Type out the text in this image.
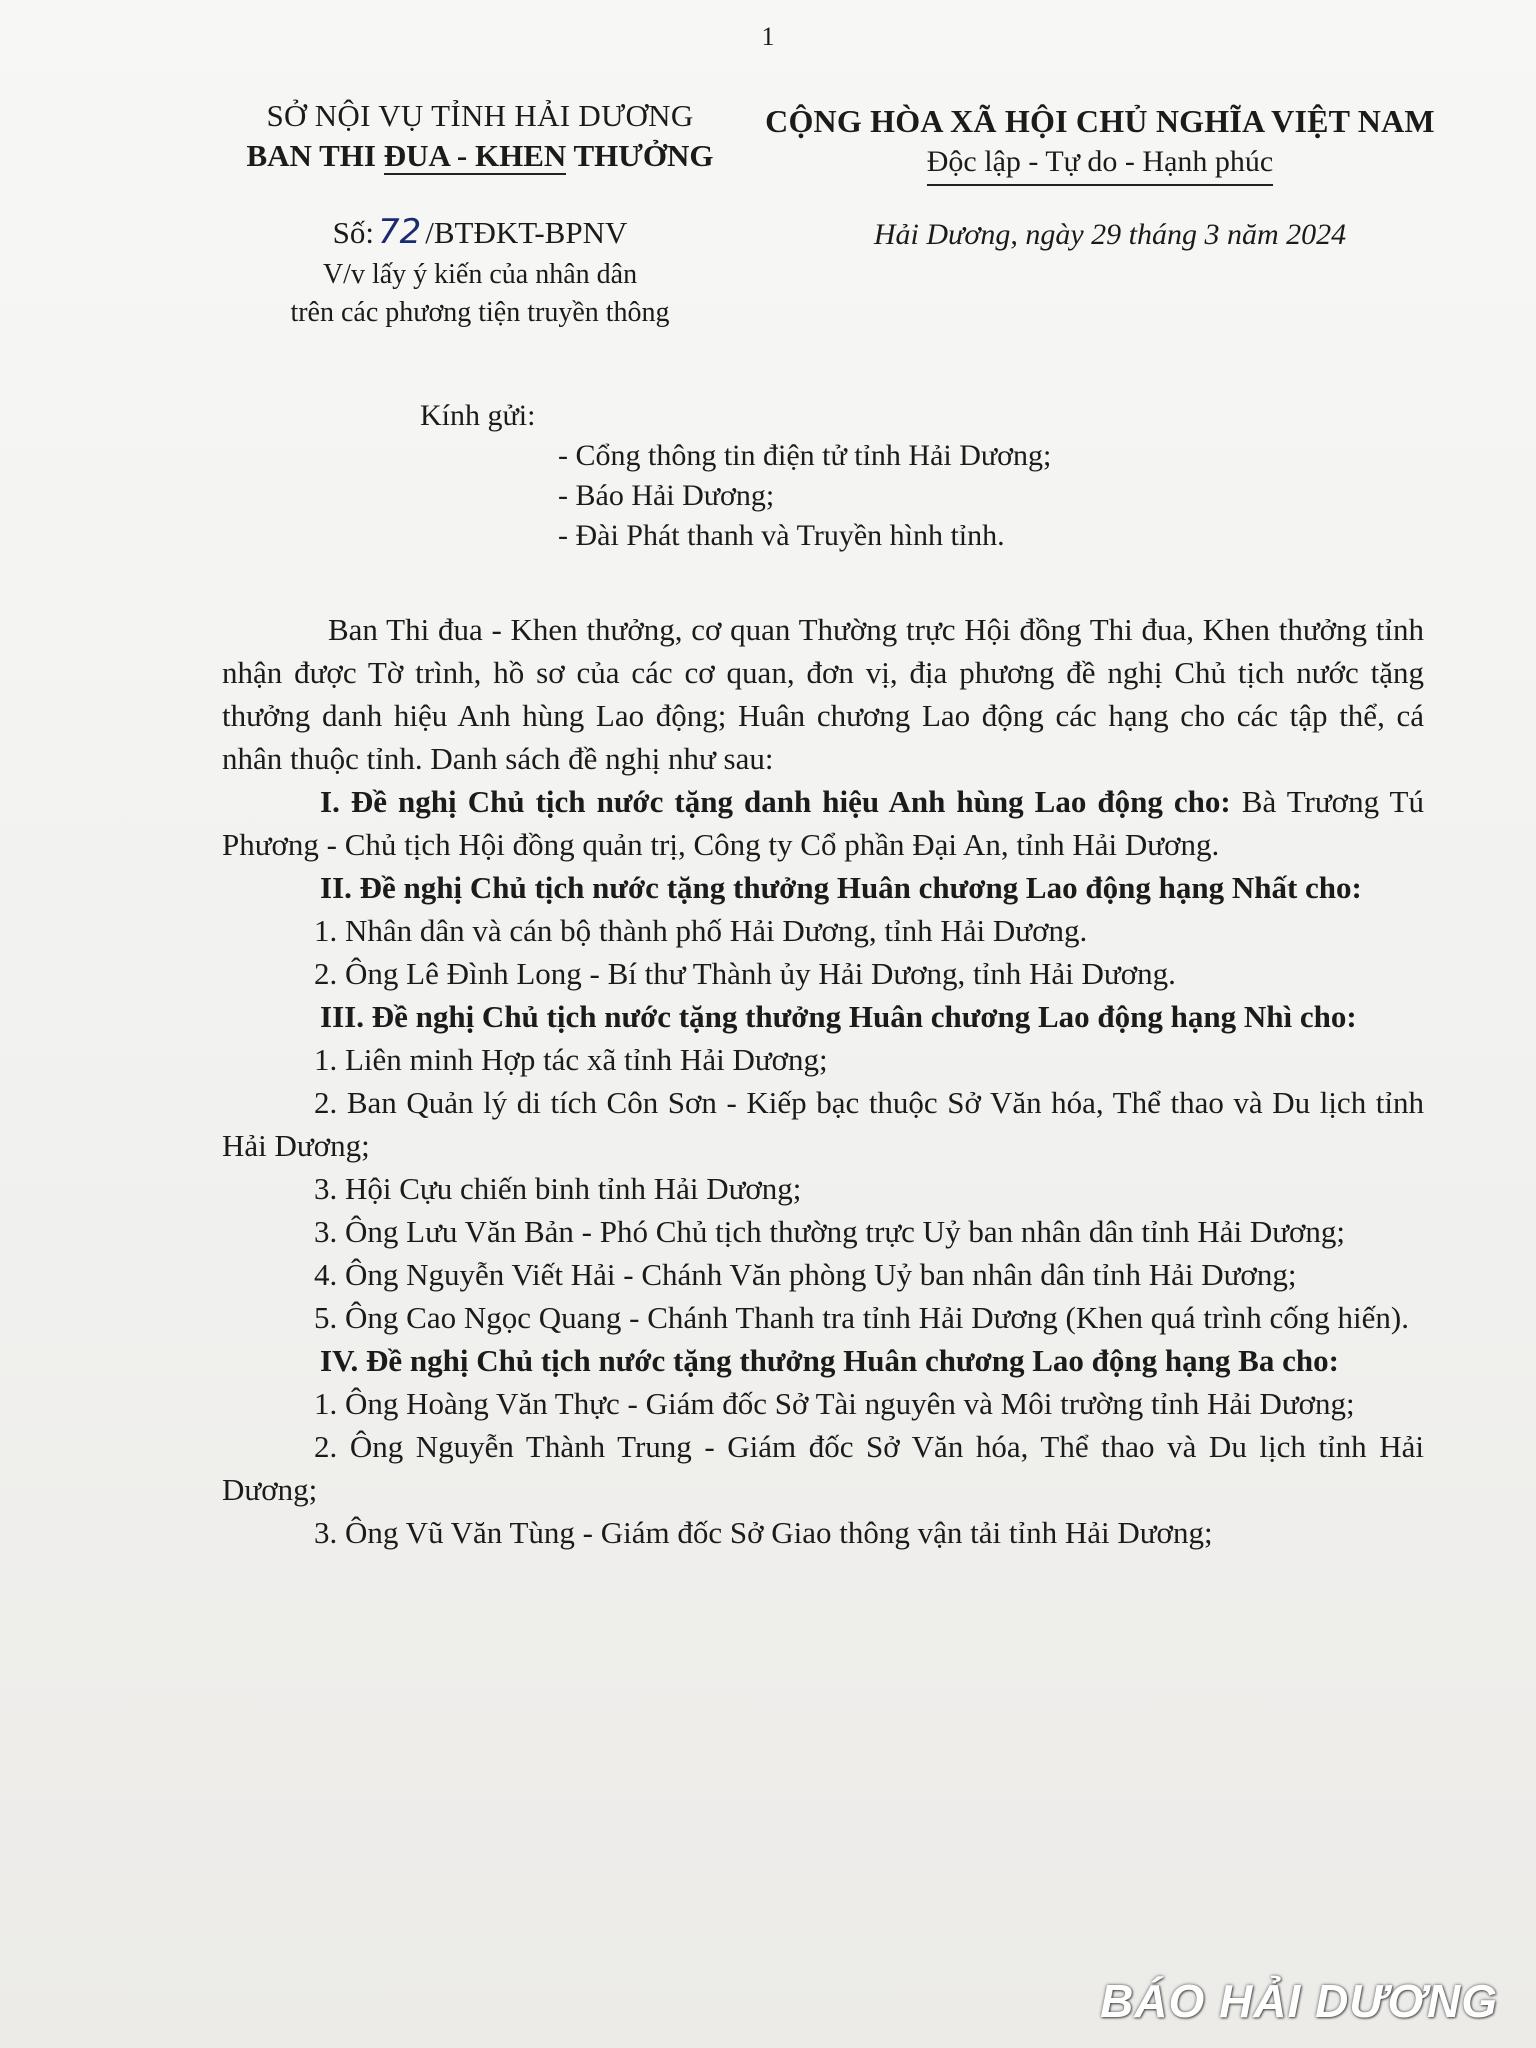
1
SỞ NỘI VỤ TỈNH HẢI DƯƠNG
BAN THI ĐUA - KHEN THƯỞNG
CỘNG HÒA XÃ HỘI CHỦ NGHĨA VIỆT NAM
Độc lập - Tự do - Hạnh phúc
Số: 72 /BTĐKT-BPNV
V/v lấy ý kiến của nhân dân
trên các phương tiện truyền thông
Hải Dương, ngày 29 tháng 3 năm 2024
Kính gửi:
- Cổng thông tin điện tử tỉnh Hải Dương;
- Báo Hải Dương;
- Đài Phát thanh và Truyền hình tỉnh.

Ban Thi đua - Khen thưởng, cơ quan Thường trực Hội đồng Thi đua, Khen thưởng tỉnh nhận được Tờ trình, hồ sơ của các cơ quan, đơn vị, địa phương đề nghị Chủ tịch nước tặng thưởng danh hiệu Anh hùng Lao động; Huân chương Lao động các hạng cho các tập thể, cá nhân thuộc tỉnh. Danh sách đề nghị như sau:

I. Đề nghị Chủ tịch nước tặng danh hiệu Anh hùng Lao động cho: Bà Trương Tú Phương - Chủ tịch Hội đồng quản trị, Công ty Cổ phần Đại An, tỉnh Hải Dương.

II. Đề nghị Chủ tịch nước tặng thưởng Huân chương Lao động hạng Nhất cho:

1. Nhân dân và cán bộ thành phố Hải Dương, tỉnh Hải Dương.

2. Ông Lê Đình Long - Bí thư Thành ủy Hải Dương, tỉnh Hải Dương.

III. Đề nghị Chủ tịch nước tặng thưởng Huân chương Lao động hạng Nhì cho:

1. Liên minh Hợp tác xã tỉnh Hải Dương;

2. Ban Quản lý di tích Côn Sơn - Kiếp bạc thuộc Sở Văn hóa, Thể thao và Du lịch tỉnh Hải Dương;

3. Hội Cựu chiến binh tỉnh Hải Dương;

3. Ông Lưu Văn Bản - Phó Chủ tịch thường trực Uỷ ban nhân dân tỉnh Hải Dương;

4. Ông Nguyễn Viết Hải - Chánh Văn phòng Uỷ ban nhân dân tỉnh Hải Dương;

5. Ông Cao Ngọc Quang - Chánh Thanh tra tỉnh Hải Dương (Khen quá trình cống hiến).

IV. Đề nghị Chủ tịch nước tặng thưởng Huân chương Lao động hạng Ba cho:

1. Ông Hoàng Văn Thực - Giám đốc Sở Tài nguyên và Môi trường tỉnh Hải Dương;

2. Ông Nguyễn Thành Trung - Giám đốc Sở Văn hóa, Thể thao và Du lịch tỉnh Hải Dương;

3. Ông Vũ Văn Tùng - Giám đốc Sở Giao thông vận tải tỉnh Hải Dương;

BÁO HẢI DƯƠNG
